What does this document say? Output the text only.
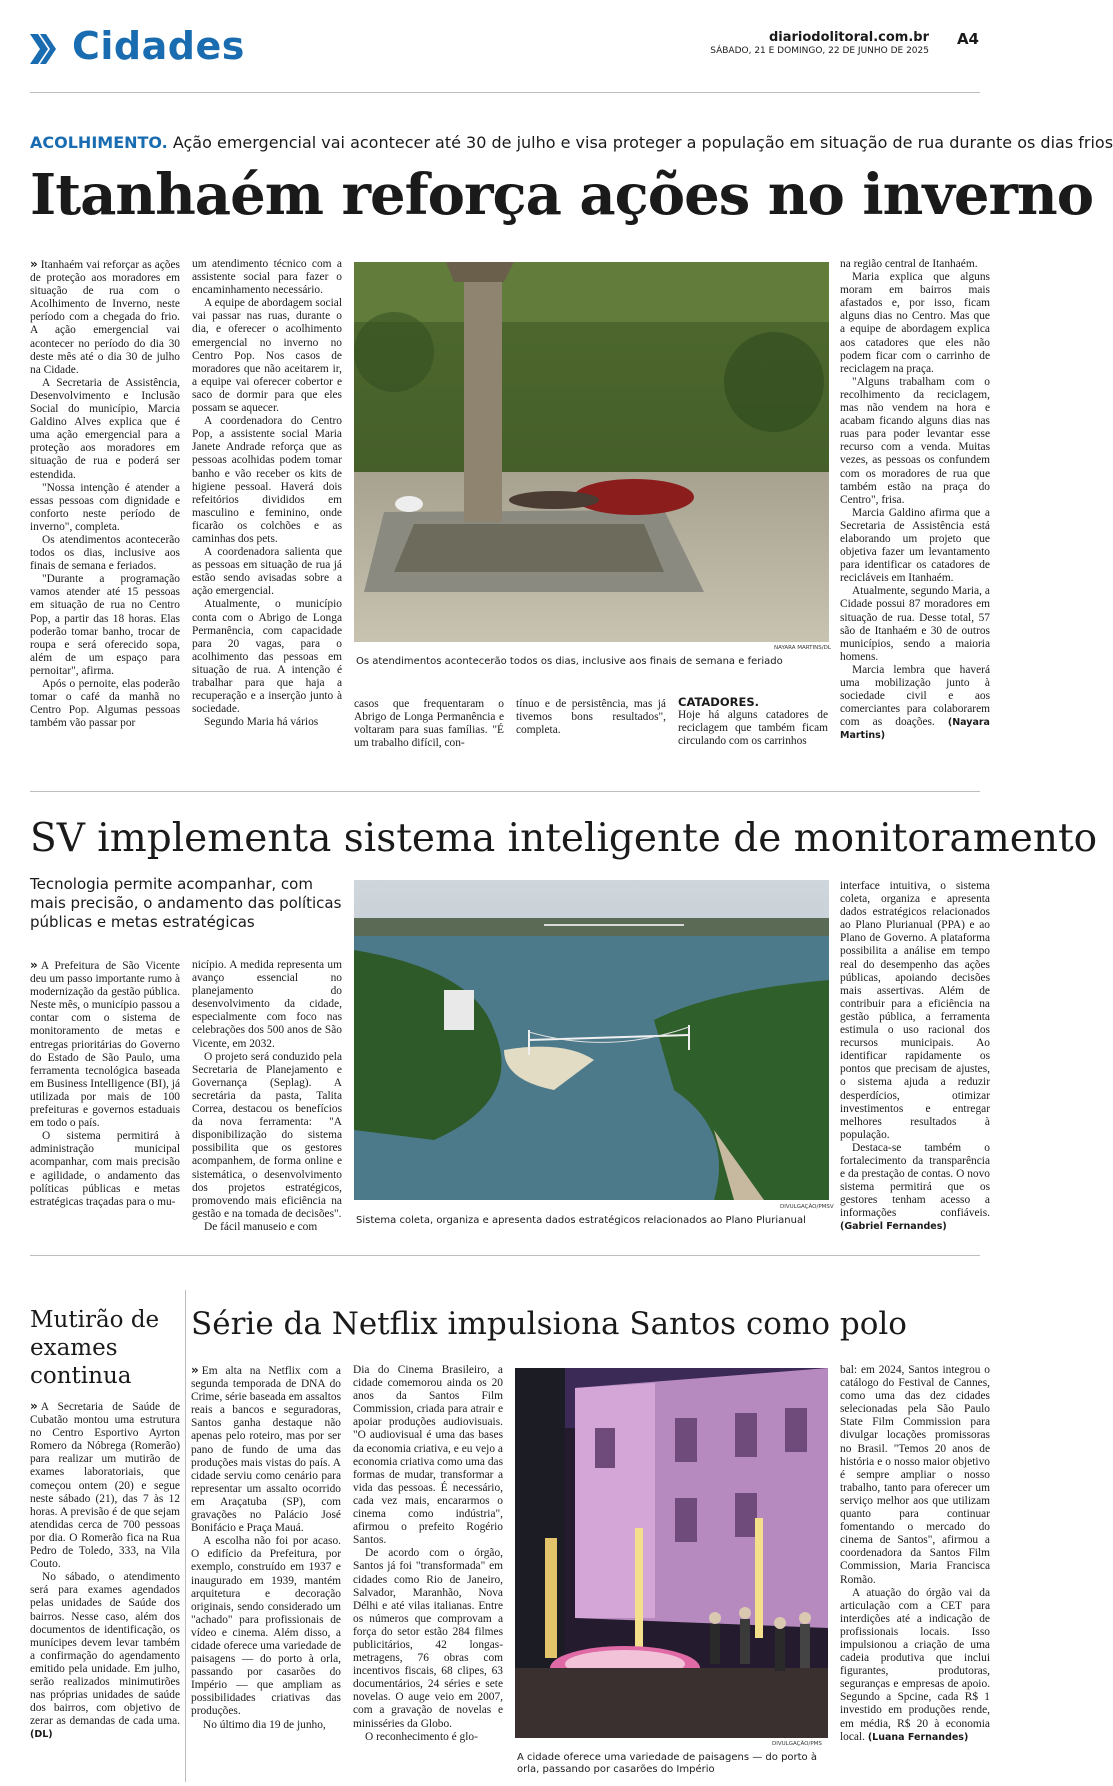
Cidades	diariodolitoral.com.br
SÁBADO, 21 E DOMINGO, 22 DE JUNHO DE 2025
A4
ACOLHIMENTO. Ação emergencial vai acontecer até 30 de julho e visa proteger a população em situação de rua durante os dias frios
Itanhaém reforça ações no inverno

» Itanhaém vai reforçar as ações de proteção aos moradores em situação de rua com o Acolhimento de Inverno, neste período com a chegada do frio. A ação emergencial vai acontecer no período do dia 30 deste mês até o dia 30 de julho na Cidade.

A Secretaria de Assistência, Desenvolvimento e Inclusão Social do município, Marcia Galdino Alves explica que é uma ação emergencial para a proteção aos moradores em situação de rua e poderá ser estendida.

"Nossa intenção é atender a essas pessoas com dignidade e conforto neste período de inverno", completa.

Os atendimentos acontecerão todos os dias, inclusive aos finais de semana e feriados.

"Durante a programação vamos atender até 15 pessoas em situação de rua no Centro Pop, a partir das 18 horas. Elas poderão tomar banho, trocar de roupa e será oferecido sopa, além de um espaço para pernoitar", afirma.

Após o pernoite, elas poderão tomar o café da manhã no Centro Pop. Algumas pessoas também vão passar por

um atendimento técnico com a assistente social para fazer o encaminhamento necessário.

A equipe de abordagem social vai passar nas ruas, durante o dia, e oferecer o acolhimento emergencial no inverno no Centro Pop. Nos casos de moradores que não aceitarem ir, a equipe vai oferecer cobertor e saco de dormir para que eles possam se aquecer.

A coordenadora do Centro Pop, a assistente social Maria Janete Andrade reforça que as pessoas acolhidas podem tomar banho e vão receber os kits de higiene pessoal. Haverá dois refeitórios divididos em masculino e feminino, onde ficarão os colchões e as caminhas dos pets.

A coordenadora salienta que as pessoas em situação de rua já estão sendo avisadas sobre a ação emergencial.

Atualmente, o município conta com o Abrigo de Longa Permanência, com capacidade para 20 vagas, para o acolhimento das pessoas em situação de rua. A intenção é trabalhar para que haja a recuperação e a inserção junto à sociedade.

Segundo Maria há vários

NAYARA MARTINS/DL
Os atendimentos acontecerão todos os dias, inclusive aos finais de semana e feriado

casos que frequentaram o Abrigo de Longa Permanência e voltaram para suas famílias. "É um trabalho difícil, con-

tínuo e de persistência, mas já tivemos bons resultados", completa.

CATADORES.

Hoje há alguns catadores de reciclagem que também ficam circulando com os carrinhos

na região central de Itanhaém.

Maria explica que alguns moram em bairros mais afastados e, por isso, ficam alguns dias no Centro. Mas que a equipe de abordagem explica aos catadores que eles não podem ficar com o carrinho de reciclagem na praça.

"Alguns trabalham com o recolhimento da reciclagem, mas não vendem na hora e acabam ficando alguns dias nas ruas para poder levantar esse recurso com a venda. Muitas vezes, as pessoas os confundem com os moradores de rua que também estão na praça do Centro", frisa.

Marcia Galdino afirma que a Secretaria de Assistência está elaborando um projeto que objetiva fazer um levantamento para identificar os catadores de recicláveis em Itanhaém.

Atualmente, segundo Maria, a Cidade possui 87 moradores em situação de rua. Desse total, 57 são de Itanhaém e 30 de outros municípios, sendo a maioria homens.

Marcia lembra que haverá uma mobilização junto à sociedade civil e aos comerciantes para colaborarem com as doações. (Nayara Martins)

SV implementa sistema inteligente de monitoramento
Tecnologia permite acompanhar, com mais precisão, o andamento das políticas públicas e metas estratégicas

» A Prefeitura de São Vicente deu um passo importante rumo à modernização da gestão pública. Neste mês, o município passou a contar com o sistema de monitoramento de metas e entregas prioritárias do Governo do Estado de São Paulo, uma ferramenta tecnológica baseada em Business Intelligence (BI), já utilizada por mais de 100 prefeituras e governos estaduais em todo o país.

O sistema permitirá à administração municipal acompanhar, com mais precisão e agilidade, o andamento das políticas públicas e metas estratégicas traçadas para o mu-

nicípio. A medida representa um avanço essencial no planejamento do desenvolvimento da cidade, especialmente com foco nas celebrações dos 500 anos de São Vicente, em 2032.

O projeto será conduzido pela Secretaria de Planejamento e Governança (Seplag). A secretária da pasta, Talita Correa, destacou os benefícios da nova ferramenta: "A disponibilização do sistema possibilita que os gestores acompanhem, de forma online e sistemática, o desenvolvimento dos projetos estratégicos, promovendo mais eficiência na gestão e na tomada de decisões".

De fácil manuseio e com

DIVULGAÇÃO/PMSV
Sistema coleta, organiza e apresenta dados estratégicos relacionados ao Plano Plurianual

interface intuitiva, o sistema coleta, organiza e apresenta dados estratégicos relacionados ao Plano Plurianual (PPA) e ao Plano de Governo. A plataforma possibilita a análise em tempo real do desempenho das ações públicas, apoiando decisões mais assertivas. Além de contribuir para a eficiência na gestão pública, a ferramenta estimula o uso racional dos recursos municipais. Ao identificar rapidamente os pontos que precisam de ajustes, o sistema ajuda a reduzir desperdícios, otimizar investimentos e entregar melhores resultados à população.

Destaca-se também o fortalecimento da transparência e da prestação de contas. O novo sistema permitirá que os gestores tenham acesso a informações confiáveis. (Gabriel Fernandes)

Mutirão de exames continua

» A Secretaria de Saúde de Cubatão montou uma estrutura no Centro Esportivo Ayrton Romero da Nóbrega (Romerão) para realizar um mutirão de exames laboratoriais, que começou ontem (20) e segue neste sábado (21), das 7 às 12 horas. A previsão é de que sejam atendidas cerca de 700 pessoas por dia. O Romerão fica na Rua Pedro de Toledo, 333, na Vila Couto.

No sábado, o atendimento será para exames agendados pelas unidades de Saúde dos bairros. Nesse caso, além dos documentos de identificação, os munícipes devem levar também a confirmação do agendamento emitido pela unidade. Em julho, serão realizados minimutirões nas próprias unidades de saúde dos bairros, com objetivo de zerar as demandas de cada uma. (DL)

Série da Netflix impulsiona Santos como polo

» Em alta na Netflix com a segunda temporada de DNA do Crime, série baseada em assaltos reais a bancos e seguradoras, Santos ganha destaque não apenas pelo roteiro, mas por ser pano de fundo de uma das produções mais vistas do país. A cidade serviu como cenário para representar um assalto ocorrido em Araçatuba (SP), com gravações no Palácio José Bonifácio e Praça Mauá.

A escolha não foi por acaso. O edifício da Prefeitura, por exemplo, construído em 1937 e inaugurado em 1939, mantém arquitetura e decoração originais, sendo considerado um "achado" para profissionais de vídeo e cinema. Além disso, a cidade oferece uma variedade de paisagens — do porto à orla, passando por casarões do Império — que ampliam as possibilidades criativas das produções.

No último dia 19 de junho,

Dia do Cinema Brasileiro, a cidade comemorou ainda os 20 anos da Santos Film Commission, criada para atrair e apoiar produções audiovisuais. "O audiovisual é uma das bases da economia criativa, e eu vejo a economia criativa como uma das formas de mudar, transformar a vida das pessoas. É necessário, cada vez mais, encararmos o cinema como indústria", afirmou o prefeito Rogério Santos.

De acordo com o órgão, Santos já foi "transformada" em cidades como Rio de Janeiro, Salvador, Maranhão, Nova Délhi e até vilas italianas. Entre os números que comprovam a força do setor estão 284 filmes publicitários, 42 longas-metragens, 76 obras com incentivos fiscais, 68 clipes, 63 documentários, 24 séries e sete novelas. O auge veio em 2007, com a gravação de novelas e minisséries da Globo.

O reconhecimento é glo-

DIVULGAÇÃO/PMS
A cidade oferece uma variedade de paisagens — do porto à orla, passando por casarões do Império

bal: em 2024, Santos integrou o catálogo do Festival de Cannes, como uma das dez cidades selecionadas pela São Paulo State Film Commission para divulgar locações promissoras no Brasil. "Temos 20 anos de história e o nosso maior objetivo é sempre ampliar o nosso trabalho, tanto para oferecer um serviço melhor aos que utilizam quanto para continuar fomentando o mercado do cinema de Santos", afirmou a coordenadora da Santos Film Commission, Maria Francisca Romão.

A atuação do órgão vai da articulação com a CET para interdições até a indicação de profissionais locais. Isso impulsionou a criação de uma cadeia produtiva que inclui figurantes, produtoras, seguranças e empresas de apoio. Segundo a Spcine, cada R$ 1 investido em produções rende, em média, R$ 20 à economia local. (Luana Fernandes)
